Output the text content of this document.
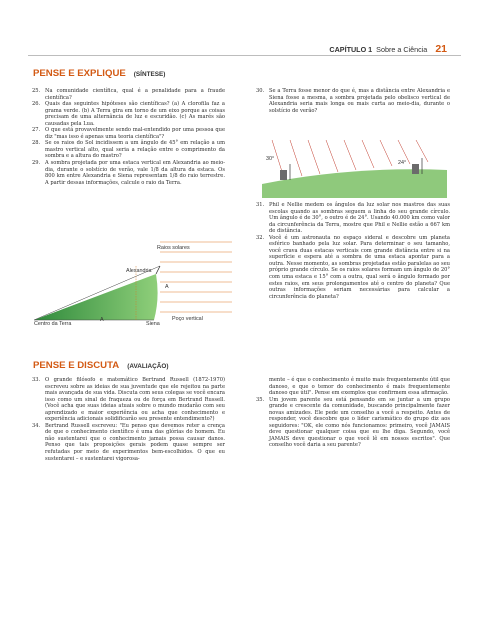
CAPÍTULO 1 Sobre a Ciência 21
PENSE E EXPLIQUE (SÍNTESE)

25. Na comunidade científica, qual é a penalidade para a fraude científica?

26. Quais das seguintes hipóteses são científicas? (a) A clorofila faz a grama verde. (b) A Terra gira em torno de um eixo porque as coisas precisam de uma alternância de luz e escuridão. (c) As marés são causadas pela Lua.

27. O que está provavelmente sendo mal-entendido por uma pessoa que diz "mas isso é apenas uma teoria científica"?

28. Se os raios do Sol incidissem a um ângulo de 45° em relação a um mastro vertical alto, qual seria a relação entre o comprimento da sombra e a altura do mastro?

29. A sombra projetada por uma estaca vertical em Alexandria ao meio-dia, durante o solstício de verão, vale 1/8 da altura da estaca. Os 800 km entre Alexandria e Siena representam 1/8 do raio terrestre. A partir dessas informações, calcule o raio da Terra.

30. Se a Terra fosse menor do que é, mas a distância entre Alexandria e Siena fosse a mesma, a sombra projetada pelo obelisco vertical de Alexandria seria mais longa ou mais curta ao meio-dia, durante o solstício de verão?

31. Phil e Nellie medem os ângulos da luz solar nos mastros das suas escolas quando as sombras seguem a linha do seu grande círculo. Um ângulo é de 30°, o outro é de 24°. Usando 40.000 km como valor da circunferência da Terra, mostre que Phil e Nellie estão a 667 km de distância.

32. Você é um astronauta no espaço sideral e descobre um planeta esférico banhado pela luz solar. Para determinar o seu tamanho, você crava duas estacas verticais com grande distância entre si na superfície e espera até a sombra de uma estaca apontar para a outra. Nesse momento, as sombras projetadas estão paralelas ao seu próprio grande círculo. Se os raios solares formam um ângulo de 20° com uma estaca e 15° com a outra, qual será o ângulo formado por estes raios, em seus prolongamentos até o centro do planeta? Que outras informações seriam necessárias para calcular a circunferência do planeta?

Raios solares
Alexandria
Centro da Terra	Siena
Poço vertical
A
A
30°
24°
PENSE E DISCUTA (AVALIAÇÃO)

33. O grande filósofo e matemático Bertrand Russell (1872-1970) escreveu sobre as ideias de sua juventude que ele rejeitou na parte mais avançada de sua vida. Discuta com seus colegas se você encara isso como um sinal de fraqueza ou de força em Bertrand Russell. (Você acha que suas ideias atuais sobre o mundo mudarão com seu aprendizado e maior experiência ou acha que conhecimento e experiência adicionais solidificarão seu presente entendimento?)

34. Bertrand Russell escreveu: "Eu penso que devemos reter a crença de que o conhecimento científico é uma das glórias do homem. Eu não sustentarei que o conhecimento jamais possa causar danos. Penso que tais proposições gerais podem quase sempre ser refutadas por meio de experimentos bem-escolhidos. O que eu sustentarei – e sustentarei vigorosa-

mente – é que o conhecimento é muito mais frequentemente útil que danoso, e que o temor do conhecimento é mais frequentemente danoso que útil". Pense em exemplos que confirmem essa afirmação.

35. Um jovem parente seu está pensando em se juntar a um grupo grande e crescente da comunidade, buscando principalmente fazer novas amizades. Ele pede um conselho a você a respeito. Antes de responder, você descobre que o líder carismático do grupo diz aos seguidores: "OK, ele como nós funcionamos: primeiro, você JAMAIS deve questionar qualquer coisa que eu lhe diga. Segundo, você JAMAIS deve questionar o que você lê em nossos escritos". Que conselho você daria a seu parente?
